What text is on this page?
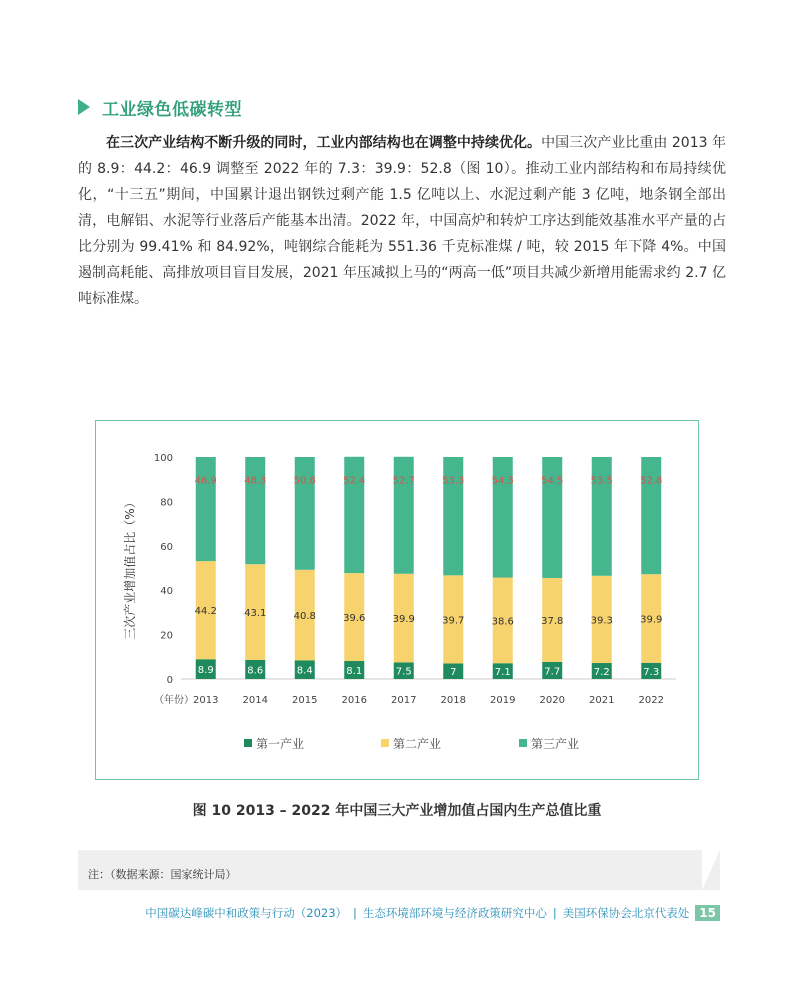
工业绿色低碳转型

在三次产业结构不断升级的同时，工业内部结构也在调整中持续优化。中国三次产业比重由 2013 年的 8.9：44.2：46.9 调整至 2022 年的 7.3：39.9：52.8（图 10）。推动工业内部结构和布局持续优化，“十三五”期间，中国累计退出钢铁过剩产能 1.5 亿吨以上、水泥过剩产能 3 亿吨，地条钢全部出清，电解铝、水泥等行业落后产能基本出清。2022 年，中国高炉和转炉工序达到能效基准水平产量的占比分别为 99.41% 和 84.92%，吨钢综合能耗为 551.36 千克标准煤 / 吨，较 2015 年下降 4%。中国遏制高耗能、高排放项目盲目发展，2021 年压减拟上马的“两高一低”项目共减少新增用能需求约 2.7 亿吨标准煤。

0
20
40
60
80
100
三次产业增加值占比（%）
（年份）
8.9
44.2
46.9
2013
8.6
43.1
48.3
2014
8.4
40.8
50.8
2015
8.1
39.6
52.4
2016
7.5
39.9
52.7
2017
7
39.7
53.3
2018
7.1
38.6
54.3
2019
7.7
37.8
54.5
2020
7.2
39.3
53.5
2021
7.3
39.9
52.8
2022
第一产业	第二产业	第三产业
图 10 2013 – 2022 年中国三大产业增加值占国内生产总值比重
注：（数据来源：国家统计局）
中国碳达峰碳中和政策与行动（2023） | 生态环境部环境与经济政策研究中心 | 美国环保协会北京代表处 15
